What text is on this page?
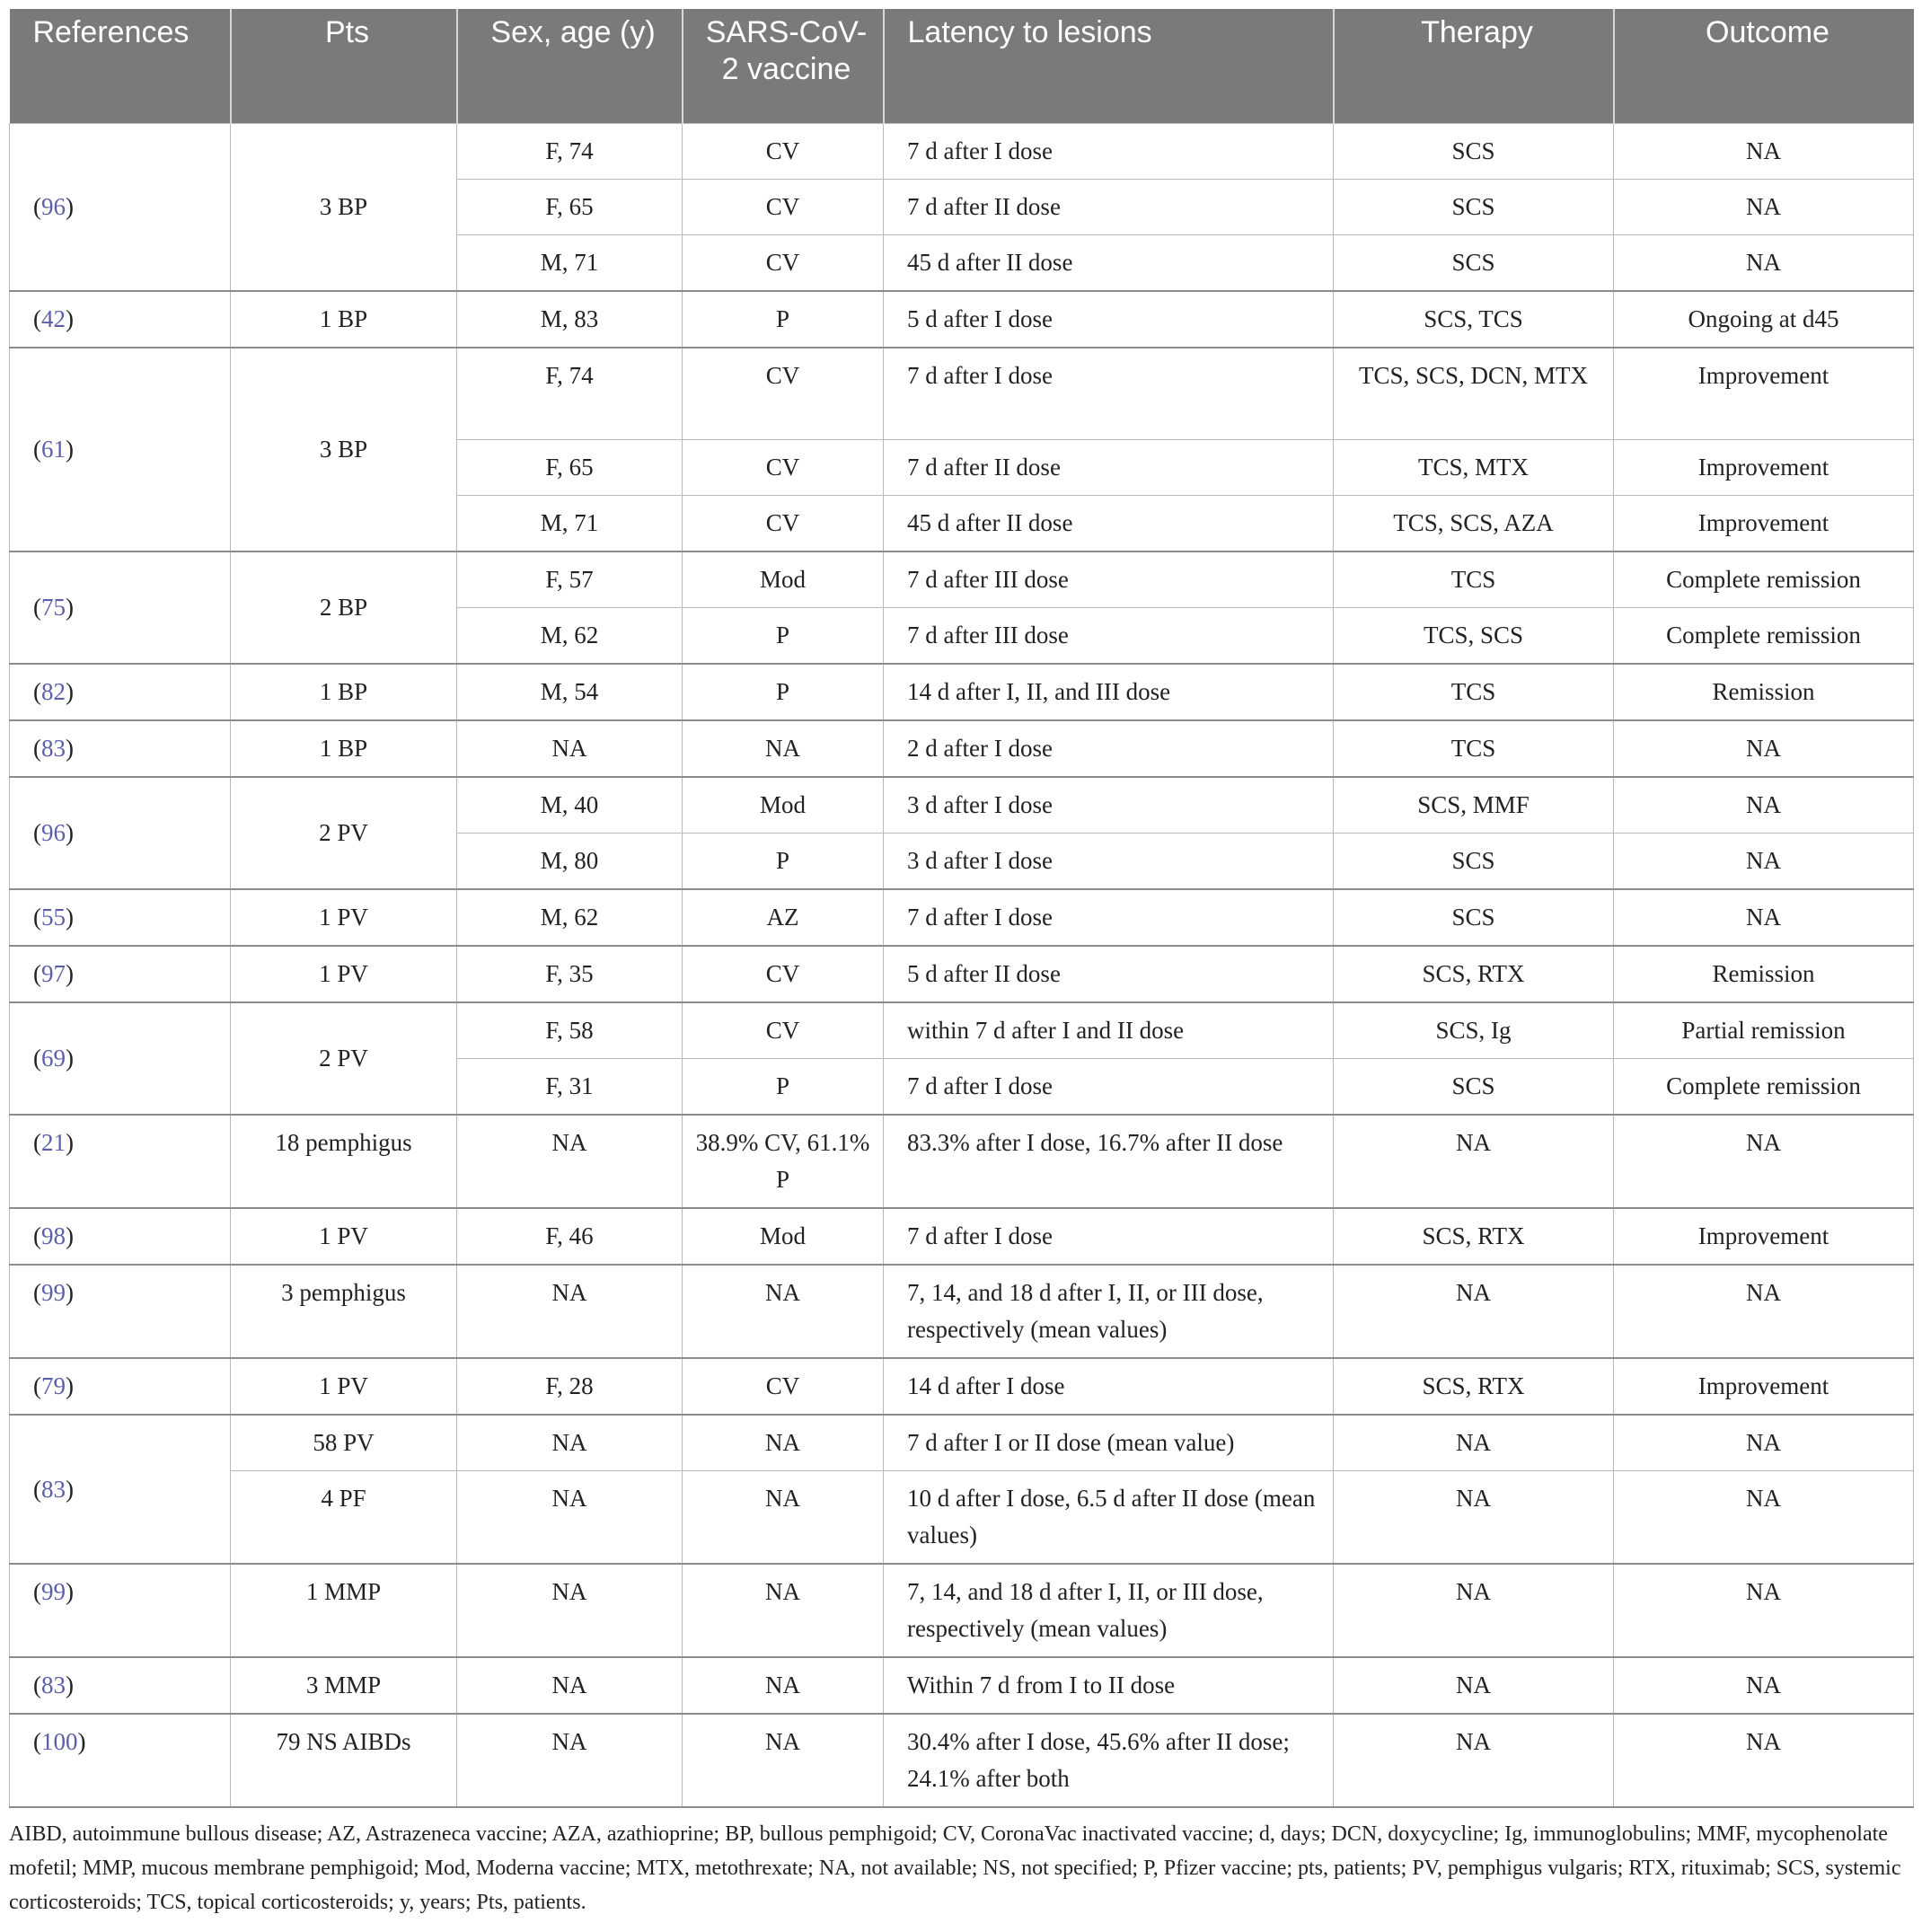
References	Pts	Sex, age (y)	SARS-CoV-2 vaccine	Latency to lesions	Therapy	Outcome
(96)	3 BP	F, 74	CV	7 d after I dose	SCS	NA
		F, 65	CV	7 d after II dose	SCS	NA
		M, 71	CV	45 d after II dose	SCS	NA
(42)	1 BP	M, 83	P	5 d after I dose	SCS, TCS	Ongoing at d45
(61)	3 BP	F, 74	CV	7 d after I dose	TCS, SCS, DCN, MTX	Improvement
		F, 65	CV	7 d after II dose	TCS, MTX	Improvement
		M, 71	CV	45 d after II dose	TCS, SCS, AZA	Improvement
(75)	2 BP	F, 57	Mod	7 d after III dose	TCS	Complete remission
		M, 62	P	7 d after III dose	TCS, SCS	Complete remission
(82)	1 BP	M, 54	P	14 d after I, II, and III dose	TCS	Remission
(83)	1 BP	NA	NA	2 d after I dose	TCS	NA
(96)	2 PV	M, 40	Mod	3 d after I dose	SCS, MMF	NA
		M, 80	P	3 d after I dose	SCS	NA
(55)	1 PV	M, 62	AZ	7 d after I dose	SCS	NA
(97)	1 PV	F, 35	CV	5 d after II dose	SCS, RTX	Remission
(69)	2 PV	F, 58	CV	within 7 d after I and II dose	SCS, Ig	Partial remission
		F, 31	P	7 d after I dose	SCS	Complete remission
(21)	18 pemphigus	NA	38.9% CV, 61.1% P	83.3% after I dose, 16.7% after II dose	NA	NA
(98)	1 PV	F, 46	Mod	7 d after I dose	SCS, RTX	Improvement
(99)	3 pemphigus	NA	NA	7, 14, and 18 d after I, II, or III dose, respectively (mean values)	NA	NA
(79)	1 PV	F, 28	CV	14 d after I dose	SCS, RTX	Improvement
(83)	58 PV	NA	NA	7 d after I or II dose (mean value)	NA	NA
	4 PF	NA	NA	10 d after I dose, 6.5 d after II dose (mean values)	NA	NA
(99)	1 MMP	NA	NA	7, 14, and 18 d after I, II, or III dose, respectively (mean values)	NA	NA
(83)	3 MMP	NA	NA	Within 7 d from I to II dose	NA	NA
(100)	79 NS AIBDs	NA	NA	30.4% after I dose, 45.6% after II dose; 24.1% after both	NA	NA
AIBD, autoimmune bullous disease; AZ, Astrazeneca vaccine; AZA, azathioprine; BP, bullous pemphigoid; CV, CoronaVac inactivated vaccine; d, days; DCN, doxycycline; Ig, immunoglobulins; MMF, mycophenolate mofetil; MMP, mucous membrane pemphigoid; Mod, Moderna vaccine; MTX, metothrexate; NA, not available; NS, not specified; P, Pfizer vaccine; pts, patients; PV, pemphigus vulgaris; RTX, rituximab; SCS, systemic corticosteroids; TCS, topical corticosteroids; y, years; Pts, patients.
